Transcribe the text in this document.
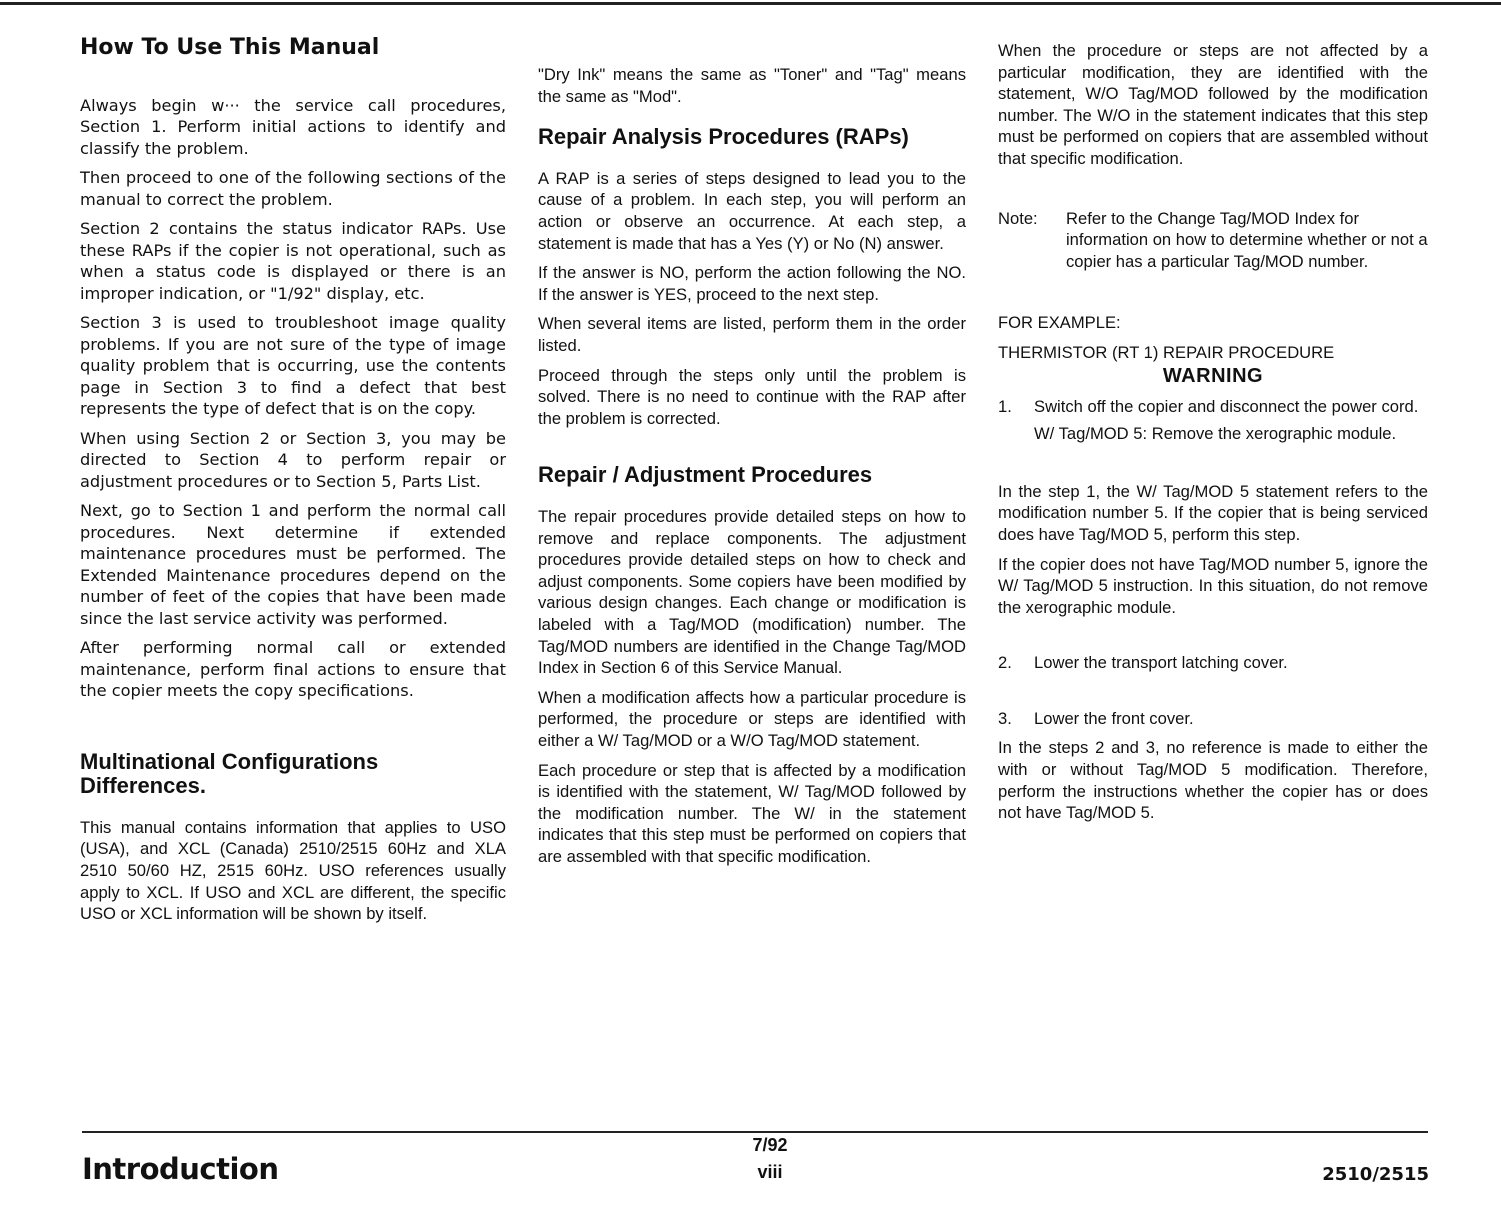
How To Use This Manual

Always begin w··· the service call procedures, Section 1. Perform initial actions to identify and classify the problem.

Then proceed to one of the following sections of the manual to correct the problem.

Section 2 contains the status indicator RAPs. Use these RAPs if the copier is not operational, such as when a status code is displayed or there is an improper indication, or "1/92" display, etc.

Section 3 is used to troubleshoot image quality problems. If you are not sure of the type of image quality problem that is occurring, use the contents page in Section 3 to find a defect that best represents the type of defect that is on the copy.

When using Section 2 or Section 3, you may be directed to Section 4 to perform repair or adjustment procedures or to Section 5, Parts List.

Next, go to Section 1 and perform the normal call procedures. Next determine if extended maintenance procedures must be performed. The Extended Maintenance procedures depend on the number of feet of the copies that have been made since the last service activity was performed.

After performing normal call or extended maintenance, perform final actions to ensure that the copier meets the copy specifications.

Multinational Configurations Differences.

This manual contains information that applies to USO (USA), and XCL (Canada) 2510/2515 60Hz and XLA 2510 50/60 HZ, 2515 60Hz. USO references usually apply to XCL. If USO and XCL are different, the specific USO or XCL information will be shown by itself.

"Dry Ink" means the same as "Toner" and "Tag" means the same as "Mod".

Repair Analysis Procedures (RAPs)

A RAP is a series of steps designed to lead you to the cause of a problem. In each step, you will perform an action or observe an occurrence. At each step, a statement is made that has a Yes (Y) or No (N) answer.

If the answer is NO, perform the action following the NO. If the answer is YES, proceed to the next step.

When several items are listed, perform them in the order listed.

Proceed through the steps only until the problem is solved. There is no need to continue with the RAP after the problem is corrected.

Repair / Adjustment Procedures

The repair procedures provide detailed steps on how to remove and replace components. The adjustment procedures provide detailed steps on how to check and adjust components. Some copiers have been modified by various design changes. Each change or modification is labeled with a Tag/MOD (modification) number. The Tag/MOD numbers are identified in the Change Tag/MOD Index in Section 6 of this Service Manual.

When a modification affects how a particular procedure is performed, the procedure or steps are identified with either a W/ Tag/MOD or a W/O Tag/MOD statement.

Each procedure or step that is affected by a modification is identified with the statement, W/ Tag/MOD followed by the modification number. The W/ in the statement indicates that this step must be performed on copiers that are assembled with that specific modification.

When the procedure or steps are not affected by a particular modification, they are identified with the statement, W/O Tag/MOD followed by the modification number. The W/O in the statement indicates that this step must be performed on copiers that are assembled without that specific modification.

Note:	Refer to the Change Tag/MOD Index for information on how to determine whether or not a copier has a particular Tag/MOD number.
FOR EXAMPLE:
THERMISTOR (RT 1) REPAIR PROCEDURE
WARNING
1.	Switch off the copier and disconnect the power cord.
W/ Tag/MOD 5: Remove the xerographic module.

In the step 1, the W/ Tag/MOD 5 statement refers to the modification number 5. If the copier that is being serviced does have Tag/MOD 5, perform this step.

If the copier does not have Tag/MOD number 5, ignore the W/ Tag/MOD 5 instruction. In this situation, do not remove the xerographic module.

2.	Lower the transport latching cover.
3.	Lower the front cover.

In the steps 2 and 3, no reference is made to either the with or without Tag/MOD 5 modification. Therefore, perform the instructions whether the copier has or does not have Tag/MOD 5.

Introduction
7/92
viii	2510/2515
